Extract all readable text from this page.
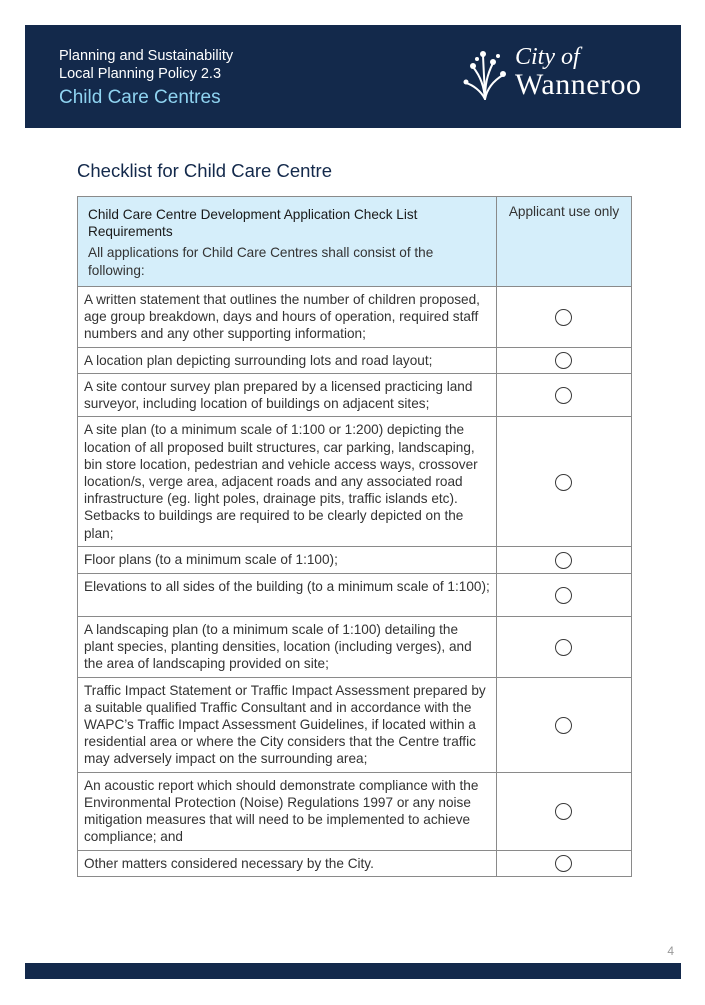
Planning and Sustainability
Local Planning Policy 2.3
Child Care Centres
City of
Wanneroo
Checklist for Child Care Centre
Child Care Centre Development Application Check List Requirements
All applications for Child Care Centres shall consist of the following:	Applicant use only
A written statement that outlines the number of children proposed, age group breakdown, days and hours of operation, required staff numbers and any other supporting information;	

A location plan depicting surrounding lots and road layout;	

A site contour survey plan prepared by a licensed practicing land surveyor, including location of buildings on adjacent sites;	

A site plan (to a minimum scale of 1:100 or 1:200) depicting the location of all proposed built structures, car parking, landscaping, bin store location, pedestrian and vehicle access ways, crossover location/s, verge area, adjacent roads and any associated road infrastructure (eg. light poles, drainage pits, traffic islands etc). Setbacks to buildings are required to be clearly depicted on the plan;	

Floor plans (to a minimum scale of 1:100);	

Elevations to all sides of the building (to a minimum scale of 1:100);	

A landscaping plan (to a minimum scale of 1:100) detailing the plant species, planting densities, location (including verges), and the area of landscaping provided on site;	

Traffic Impact Statement or Traffic Impact Assessment prepared by a suitable qualified Traffic Consultant and in accordance with the WAPC’s Traffic Impact Assessment Guidelines, if located within a residential area or where the City considers that the Centre traffic may adversely impact on the surrounding area;	

An acoustic report which should demonstrate compliance with the Environmental Protection (Noise) Regulations 1997 or any noise mitigation measures that will need to be implemented to achieve compliance; and	

Other matters considered necessary by the City.	
4
